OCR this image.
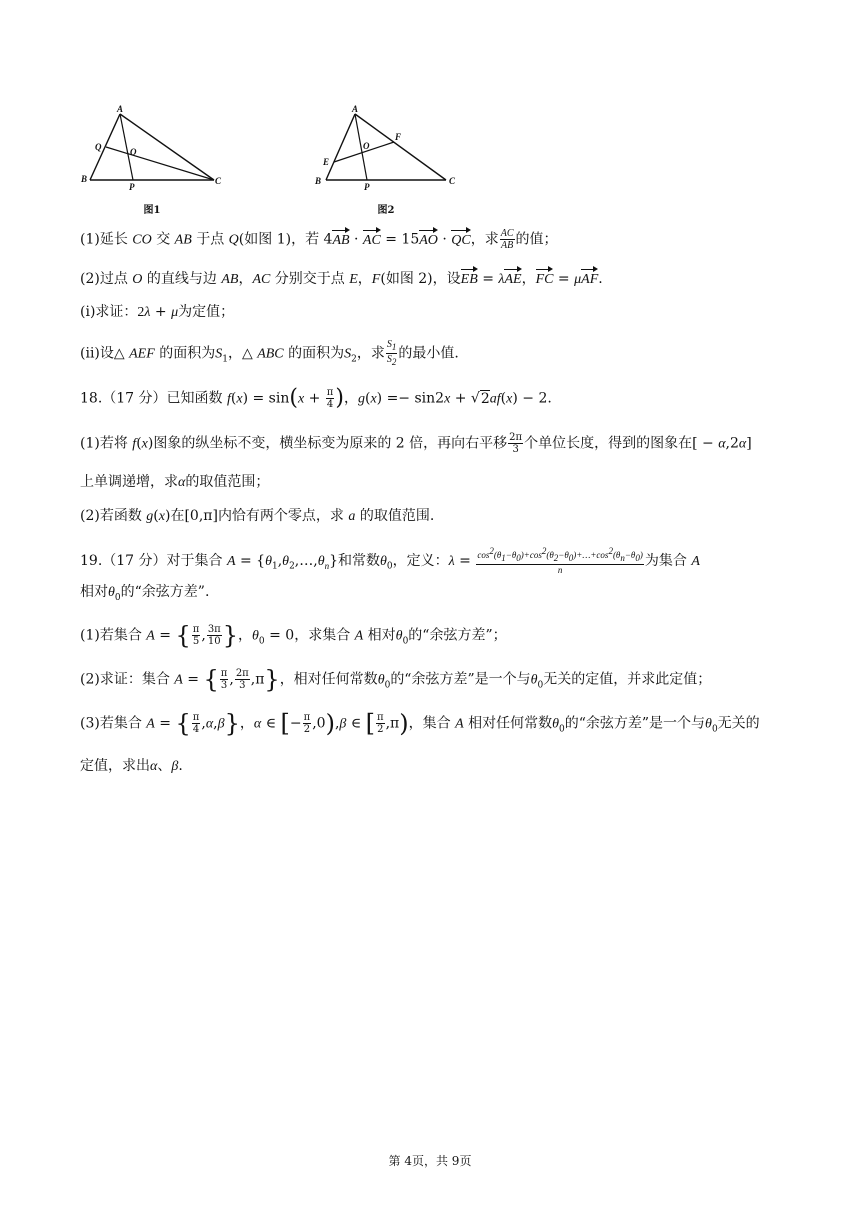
A
B	C
P
Q	O
图1
A
B	C
P
E
F
O
图2
(1)延长 CO 交 AB 于点 Q(如图 1)，若 4AB · AC = 15AO · QC，求 $\frac{AC}{AB}$ 的值；
(2)过点 O 的直线与边 AB，AC 分别交于点 E，F(如图 2)，设EB = λAE，FC = μAF.
(ⅰ)求证：2λ + μ为定值；
(ⅱ)设△ AEF 的面积为$S_1$，△ ABC 的面积为$S_2$，求 $\frac{S_1}{S_2}$ 的最小值.
18.（17 分）已知函数 $f(x) = \sin(x + \frac{\pi}{4}$ )，g(x) =− sin2x + √2af(x) − 2.
(1)若将 f(x)图象的纵坐标不变，横坐标变为原来的 2 倍，再向右平移 $\frac{2\pi}{3}$ 个单位长度，得到的图象在[ − α,2α]
上单调递增，求α的取值范围；
(2)若函数 g(x)在[0,π]内恰有两个零点，求 a 的取值范围.
19.（17 分）对于集合 $A = \{\theta_1,\theta_2,\dots,\theta_n\}$和常数$\theta_0$，定义：$\lambda = \frac{\cos^2(\theta_1-\theta_0)+\cos^2(\theta_2-\theta_0)+\dots+\cos^2(\theta_n-\theta_0)}{n}$ 为集合 A
相对$\theta_0$的“余弦方差”.
(1)若集合 A = { $\frac{\pi}{5}$ , $\frac{3\pi}{10}$ }，$\theta_0 = 0$，求集合 A 相对$\theta_0$的“余弦方差”；
(2)求证：集合 A = { $\frac{\pi}{3}$ , $\frac{2\pi}{3} ,\pi$}，相对任何常数$\theta_0$的“余弦方差”是一个与$\theta_0$无关的定值，并求此定值；
(3)若集合 A = { $\frac{\pi}{4} ,\alpha,\beta$}，α ∈ [− $\frac{\pi}{2} ,0),\beta$ ∈ [ $\frac{\pi}{2} ,\pi$)，集合 A 相对任何常数$\theta_0$的“余弦方差”是一个与$\theta_0$无关的
定值，求出α、β.
第 4页，共 9页
